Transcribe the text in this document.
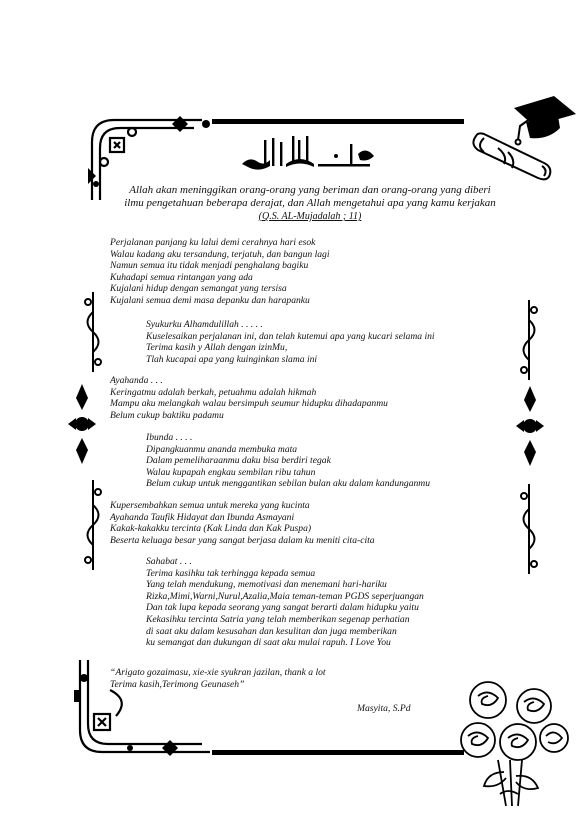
Allah akan meninggikan orang-orang yang beriman dan orang-orang yang diberi
ilmu pengetahuan beberapa derajat, dan Allah mengetahui apa yang kamu kerjakan
(Q.S. AL-Mujadalah ; 11)
Perjalanan panjang ku lalui demi cerahnya hari esok
Walau kadang aku tersandung, terjatuh, dan bangun lagi
Namun semua itu tidak menjadi penghalang bagiku
Kuhadapi semua rintangan yang ada
Kujalani hidup dengan semangat yang tersisa
Kujalani semua demi masa depanku dan harapanku
Syukurku Alhamdulillah . . . . .
Kuselesaikan perjalanan ini, dan telah kutemui apa yang kucari selama ini
Terima kasih y Allah dengan izinMu,
Tlah kucapai apa yang kuinginkan slama ini
Ayahanda . . .
Keringatmu adalah berkah, petuahmu adalah hikmah
Mampu aku melangkah walau bersimpuh seumur hidupku dihadapanmu
Belum cukup baktiku padamu
Ibunda . . . .
Dipangkuanmu ananda membuka mata
Dalam pemeliharaanmu daku bisa berdiri tegak
Walau kupapah engkau sembilan ribu tahun
Belum cukup untuk menggantikan sebilan bulan aku dalam kandunganmu
Kupersembahkan semua untuk mereka yang kucinta
Ayahanda Taufik Hidayat dan Ibunda Asmayani
Kakak-kakakku tercinta (Kak Linda dan Kak Puspa)
Beserta keluaga besar yang sangat berjasa dalam ku meniti cita-cita
Sahabat . . .
Terima kasihku tak terhingga kepada semua
Yang telah mendukung, memotivasi dan menemani hari-hariku
Rizka,Mimi,Warni,Nurul,Azalia,Maia teman-teman PGDS seperjuangan
Dan tak lupa kepada seorang yang sangat berarti dalam hidupku yaitu
Kekasihku tercinta Satria yang telah memberikan segenap perhatian
di saat aku dalam kesusahan dan kesulitan dan juga memberikan
ku semangat dan dukungan di saat aku mulai rapuh. I Love You
“Arigato gozaimasu, xie-xie syukran jazilan, thank a lot
Terima kasih,Terimong Geunaseh”
Masyita, S.Pd
